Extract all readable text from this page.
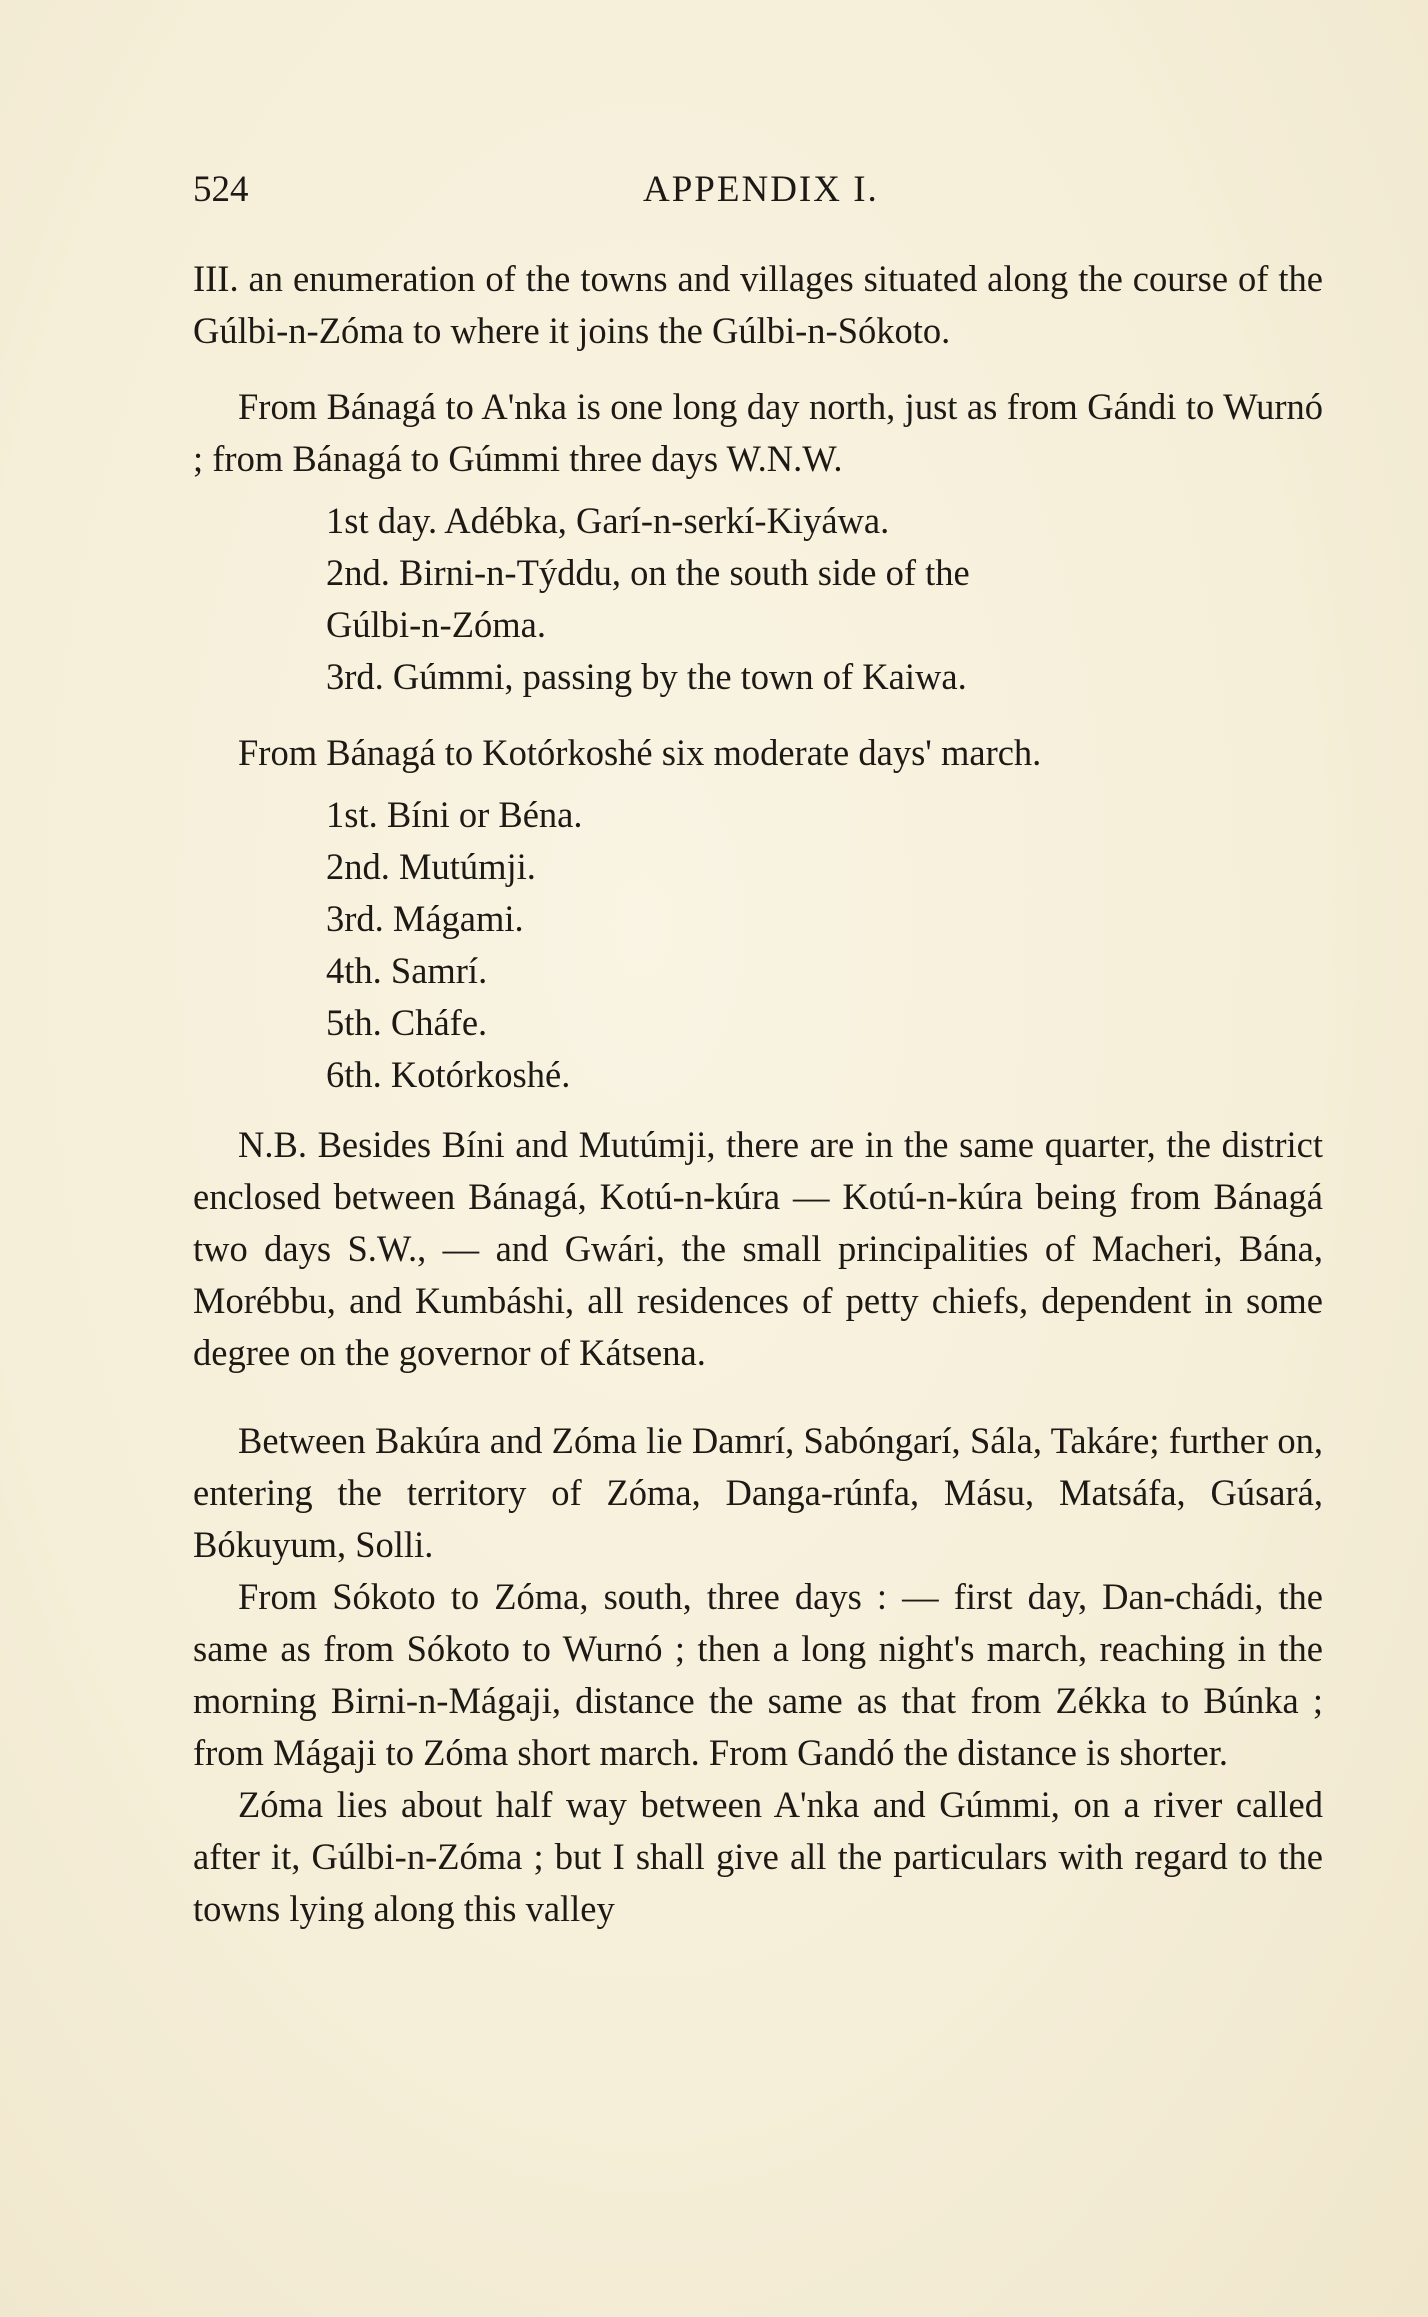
524	APPENDIX I.

III. an enumeration of the towns and villages situated along the course of the Gúlbi-n-Zóma to where it joins the Gúlbi-n-Sókoto.

From Bánagá to A'nka is one long day north, just as from Gándi to Wurnó ; from Bánagá to Gúmmi three days W.N.W.

1st day. Adébka, Garí-n-serkí-Kiyáwa.
2nd. Birni-n-Týddu, on the south side of the Gúlbi-n-Zóma.
3rd. Gúmmi, passing by the town of Kaiwa.

From Bánagá to Kotórkoshé six moderate days' march.

1st. Bíni or Béna.
2nd. Mutúmji.
3rd. Mágami.
4th. Samrí.
5th. Cháfe.
6th. Kotórkoshé.

N.B. Besides Bíni and Mutúmji, there are in the same quarter, the district enclosed between Bánagá, Kotú-n-kúra — Kotú-n-kúra being from Bánagá two days S.W., — and Gwári, the small principalities of Macheri, Bána, Morébbu, and Kumbáshi, all residences of petty chiefs, dependent in some degree on the governor of Kátsena.

Between Bakúra and Zóma lie Damrí, Sabóngarí, Sála, Takáre; further on, entering the territory of Zóma, Danga-rúnfa, Másu, Matsáfa, Gúsará, Bókuyum, Solli.

From Sókoto to Zóma, south, three days : — first day, Dan-chádi, the same as from Sókoto to Wurnó ; then a long night's march, reaching in the morning Birni-n-Mágaji, distance the same as that from Zékka to Búnka ; from Mágaji to Zóma short march. From Gandó the distance is shorter.

Zóma lies about half way between A'nka and Gúmmi, on a river called after it, Gúlbi-n-Zóma ; but I shall give all the particulars with regard to the towns lying along this valley
